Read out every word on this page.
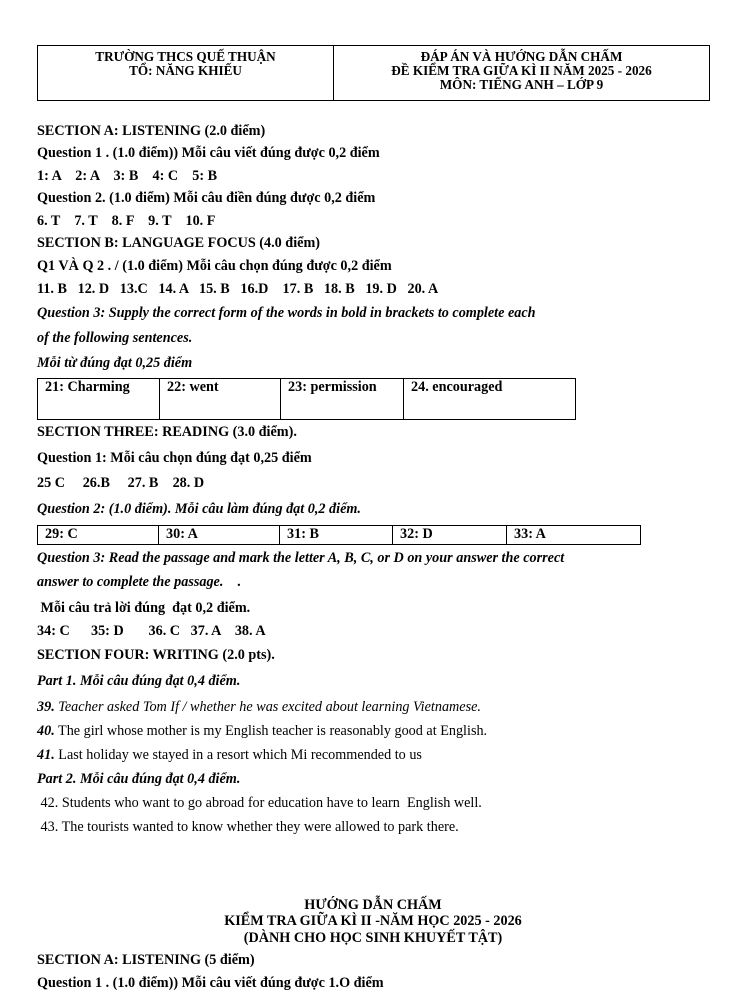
TRƯỜNG THCS QUẾ THUẬN
TỔ: NĂNG KHIẾU

ĐÁP ÁN VÀ HƯỚNG DẪN CHẤM
ĐỀ KIỂM TRA GIỮA KÌ II NĂM 2025 - 2026
MÔN: TIẾNG ANH – LỚP 9
SECTION A: LISTENING (2.0 điểm)
Question 1 . (1.0 điểm)) Mỗi câu viết đúng được 0,2 điểm
1: A    2: A    3: B    4: C    5: B
Question 2. (1.0 điểm) Mỗi câu điền đúng được 0,2 điểm
6. T    7. T    8. F    9. T    10. F
SECTION B: LANGUAGE FOCUS (4.0 điểm)
Q1 VÀ Q 2 . / (1.0 điểm) Mỗi câu chọn đúng được 0,2 điểm
11. B   12. D   13.C   14. A   15. B   16.D    17. B   18. B   19. D   20. A
Question 3: Supply the correct form of the words in bold in brackets to complete each
of the following sentences.
Mỗi từ đúng đạt 0,25 điểm
21: Charming	22: went	23: permission	24. encouraged
SECTION THREE: READING (3.0 điểm).
Question 1: Mỗi câu chọn đúng đạt 0,25 điểm
25 C     26.B     27. B    28. D
Question 2: (1.0 điểm). Mỗi câu làm đúng đạt 0,2 điểm.
29: C	30: A	31: B	32: D	33: A
Question 3: Read the passage and mark the letter A, B, C, or D on your answer the correct
answer to complete the passage.    .
Mỗi câu trả lời đúng  đạt 0,2 điểm.
34: C      35: D       36. C   37. A    38. A
SECTION FOUR: WRITING (2.0 pts).
Part 1. Mỗi câu đúng đạt 0,4 điểm.
39. Teacher asked Tom If / whether he was excited about learning Vietnamese.
40. The girl whose mother is my English teacher is reasonably good at English.
41. Last holiday we stayed in a resort which Mi recommended to us
Part 2. Mỗi câu đúng đạt 0,4 điểm.
42. Students who want to go abroad for education have to learn  English well.
43. The tourists wanted to know whether they were allowed to park there.
HƯỚNG DẪN CHẤM
KIỂM TRA GIỮA KÌ II -NĂM HỌC 2025 - 2026
(DÀNH CHO HỌC SINH KHUYẾT TẬT)
SECTION A: LISTENING (5 điểm)
Question 1 . (1.0 điểm)) Mỗi câu viết đúng được 1.O điểm
